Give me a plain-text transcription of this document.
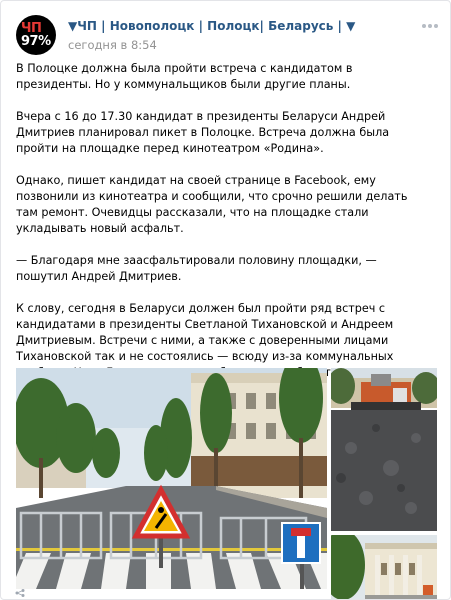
ЧП
97%
▼ЧП | Новополоцк | Полоцк| Беларусь | ▼
сегодня в 8:54

В Полоцке должна была пройти встреча с кандидатом в президенты. Но у коммунальщиков были другие планы.

Вчера с 16 до 17.30 кандидат в президенты Беларуси Андрей Дмитриев планировал пикет в Полоцке. Встреча должна была пройти на площадке перед кинотеатром «Родина».

Однако, пишет кандидат на своей странице в Facebook, ему позвонили из кинотеатра и сообщили, что срочно решили делать там ремонт. Очевидцы рассказали, что на площадке стали укладывать новый асфальт.

— Благодаря мне заасфальтировали половину площадки, — пошутил Андрей Дмитриев.

К слову, сегодня в Беларуси должен был пройти ряд встреч с кандидатами в президенты Светланой Тихановской и Андреем Дмитриевым. Встречи с ними, а также с доверенными лицами Тихановской так и не состоялись — всюду из-за коммунальных
